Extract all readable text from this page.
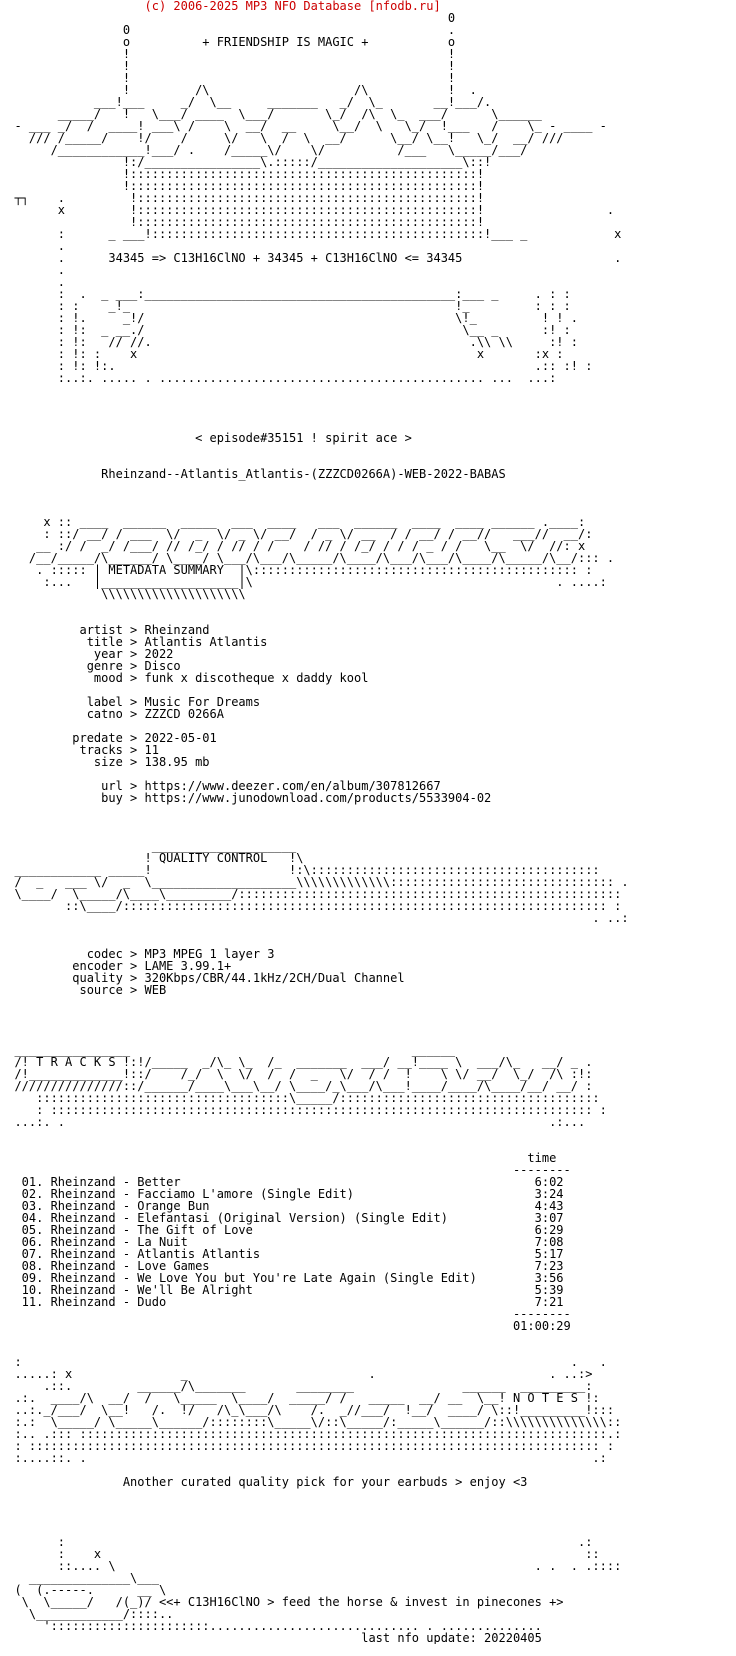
(c) 2006-2025 MP3 NFO Database [nfodb.ru]
0
0                                            .
o          + FRIENDSHIP IS MAGIC +           o
!                                            !
!                                            !
!                                            !
!         /\                    /\           !  .
___!___     _/  \__     _______   _/  \_       __!___/.
_____/   !   \___/ ____  \___/       \_/  /\  \_  ___/      \______
- ___ _/  /  ____! ___\ /    \  __/  __     \__/  \   \_/  !___   /    \_ - ____ -
/// /_____/    !/    /     \/   \  /  \  __/      \__/ \__!   \_/  __/ ///
/____________!___/ .    /_____\/    \/          /___   \_____/___/
!:/________________\.:::::/____________________\::!
!::::::::::::::::::::::::::::::::::::::::::::::::!
!::::::::::::::::::::::::::::::::::::::::::::::::!
┬┐    .         !:::::::::::::::::::::::::::::::::::::::::::::::!
x         !:::::::::::::::::::::::::::::::::::::::::::::::!                 .
!:::::::::::::::::::::::::::::::::::::::::::::::!
:      _ ___!::::::::::::::::::::::::::::::::::::::::::::::!___ _            x
.
.      34345 => C13H16ClNO + 34345 + C13H16ClNO <= 34345                     .
.
.
:  .  _ ___:___________________________________________:___ _     . : :
: :    _!_                                             !_         : : :
: !.     _!/                                           \!_         ! ! .
: !:  _ __./                                            \__ _      :! :
: !:   // //.                                            .\\ \\     :! :
: !: :    x                                               x       :x :
: !: !:.                                                          .:: :! :
:..:. ..... . ............................................. ...  ...:
< episode#35151 ! spirit ace >
Rheinzand--Atlantis_Atlantis-(ZZZCD0266A)-WEB-2022-BABAS
x :: ____  ______  _____  ___  ____   ___  ______  ____  ____ ______ .____:
: ::/ __/ / ___  \/  _  \/ _ \/ __/  / _ \/ __  / / __/ / __//   ___//  __/:
__ :/ /  _/ /___/ // /_/ / // / /    / // / /_/ / / / _ / /   \__  \/  //: x
/__/_____/\______/ \____/ \___/\___/\_____/\____/\___/\___/\____/\_____/\__/::: .
. ::::: | METADATA SUMMARY  |\::::::::::::::::::::::::::::::::::::::::::::: :
:...   |___________________|\                                          . ....:
\\\\\\\\\\\\\\\\\\\\
artist > Rheinzand
title > Atlantis Atlantis
year > 2022
genre > Disco
mood > funk x discotheque x daddy kool
label > Music For Dreams
catno > ZZZCD 0266A
predate > 2022-05-01
tracks > 11
size > 138.95 mb
url > https://www.deezer.com/en/album/307812667
buy > https://www.junodownload.com/products/5533904-02
____________________
! QUALITY CONTROL   !\
____________ _____!                   !:\::::::::::::::::::::::::::::::::::::::::
/  _   ___ \/  _  \____________________\\\\\\\\\\\\\::::::::::::::::::::::::::::::: .
\____/  \_____/\____\_________/:::::::::::::::::::::::::::::::::::::::::::::::::::::
::\____/::::::::::::::::::::::::::::::::::::::::::::::::::::::::::::::::::: :
. ..:
codec > MP3 MPEG 1 layer 3
encoder > LAME 3.99.1+
quality > 320Kbps/CBR/44.1kHz/2CH/Dual Channel
source > WEB
________________                                       ______
/! T R A C K S !:!/_____  _/\_ \_  /_  _______  ___/ __!____ \  ___/\_   __/ _ .
/!_____________!::/    /_/  \  \/  /  /  _   \/  / /  !    \ \/ __/  \_/  /\ :!:
///////////////::/______/____\___\__/ \____/_\___/\___!____/____/\____/__/ __/ :
:::::::::::::::::::::::::::::::::::\_____/::::::::::::::::::::::::::::::::::::
: ::::::::::::::::::::::::::::::::::::::::::::::::::::::::::::::::::::::::::: :
...:. .                                                                   .:...
time
--------
01. Rheinzand - Better                                                 6:02
02. Rheinzand - Facciamo L'amore (Single Edit)                         3:24
03. Rheinzand - Orange Bun                                             4:43
04. Rheinzand - Elefantasi (Original Version) (Single Edit)            3:07
05. Rheinzand - The Gift of Love                                       6:29
06. Rheinzand - La Nuit                                                7:08
07. Rheinzand - Atlantis Atlantis                                      5:17
08. Rheinzand - Love Games                                             7:23
09. Rheinzand - We Love You but You're Late Again (Single Edit)        3:56
10. Rheinzand - We'll Be Alright                                       5:39
11. Rheinzand - Dudo                                                   7:21
--------
01:00:29
:                                                                            .   .
.....: x               _                         .                        . ..:>
.::.         ______/\_______       ________               ______  _________:
.:.  ____/\  __/  /   \_____  \____/  _____/ /   _____  __/ __  \__! N O T E S !:
..:._/___/  \__!   /.  !/   /\_\___/\    /.  _//___/  !__/  ____/ \::!_________!:::
:.:  \_____/ \_____\______/::::::::\_____\/::\_____/:_____\______/::\\\\\\\\\\\\\\::
:.. .::: :::::::::::::::::::::::::::::::::::::::::::::::::::::::::::::::::::::::::.:
: ::::::::::::::::::::::::::::::::::::::::::::::::::::::::::::::::::::::::::::::: :
:....::. .                                                                      .:
Another curated quality pick for your earbuds > enjoy <3
:                                                                       .:
:    x                                                                   ::
::.... \                                                          . .  . .::::
______________\___
(  (.-----.      __ \
\  \_____/   /(_)/ <<+ C13H16ClNO > feed the horse & invest in pinecones +>
\____________/::::..
'::::::::::::::::::::::............................. . ..............
last nfo update: 20220405
